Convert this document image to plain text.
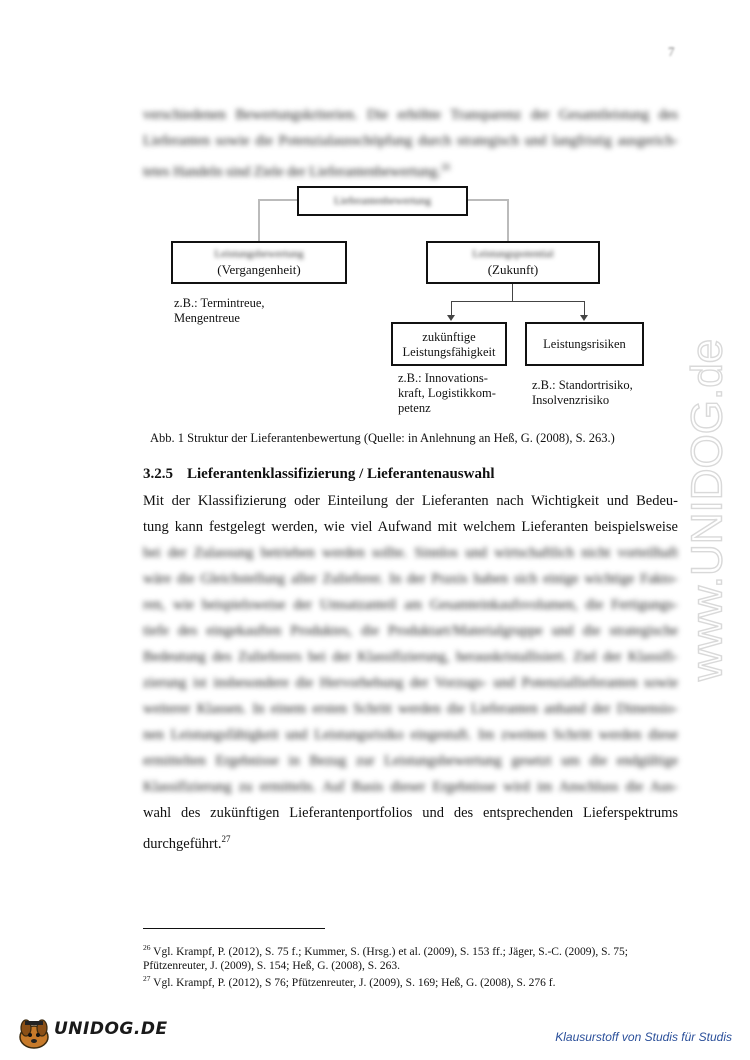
7

verschiedenen Bewertungskriterien. Die erhöhte Transparenz der Gesamtleistung des
Lieferanten sowie die Potenzialausschöpfung durch strategisch und langfristig ausgerich-
tetes Handeln sind Ziele der Lieferantenbewertung.$^{26}$

Lieferantenbewertung
Leistungsbewertung
(Vergangenheit)
Leistungspotential
(Zukunft)

z.B.: Termintreue,
Mengentreue

zukünftige
Leistungsfähigkeit
Leistungsrisiken

z.B.: Innovations-
kraft, Logistikkom-
petenz

z.B.: Standortrisiko,
Insolvenzrisiko

Abb. 1 Struktur der Lieferantenbewertung (Quelle: in Anlehnung an Heß, G. (2008), S. 263.)

3.2.5 Lieferantenklassifizierung / Lieferantenauswahl
Mit der Klassifizierung oder Einteilung der Lieferanten nach Wichtigkeit und Bedeu-
tung kann festgelegt werden, wie viel Aufwand mit welchem Lieferanten beispielsweise
bei der Zulassung betrieben werden sollte. Sinnlos und wirtschaftlich nicht vorteilhaft
wäre die Gleichstellung aller Zulieferer. In der Praxis haben sich einige wichtige Fakto-
ren, wie beispielsweise der Umsatzanteil am Gesamteinkaufsvolumen, die Fertigungs-
tiefe des eingekauften Produktes, die Produktart/Materialgruppe und die strategische
Bedeutung des Zulieferers bei der Klassifizierung, herauskristallisiert. Ziel der Klassifi-
zierung ist insbesondere die Hervorhebung der Vorzugs- und Potenziallieferanten sowie
weiterer Klassen. In einem ersten Schritt werden die Lieferanten anhand der Dimensio-
nen Leistungsfähigkeit und Leistungsrisiko eingestuft. Im zweiten Schritt werden diese
ermittelten Ergebnisse in Bezug zur Leistungsbewertung gesetzt um die endgültige
Klassifizierung zu ermitteln. Auf Basis dieser Ergebnisse wird im Anschluss die Aus-
wahl des zukünftigen Lieferantenportfolios und des entsprechenden Lieferspektrums
durchgeführt.$^{27}$

$^{26}$ Vgl. Krampf, P. (2012), S. 75 f.; Kummer, S. (Hrsg.) et al. (2009), S. 153 ff.; Jäger, S.-C. (2009), S. 75;
Pfützenreuter, J. (2009), S. 154; Heß, G. (2008), S. 263.

$^{27}$ Vgl. Krampf, P. (2012), S 76; Pfützenreuter, J. (2009), S. 169; Heß, G. (2008), S. 276 f.

www.UNIDOG.de
UNIDOG.DE	Klausurstoff von Studis für Studis
